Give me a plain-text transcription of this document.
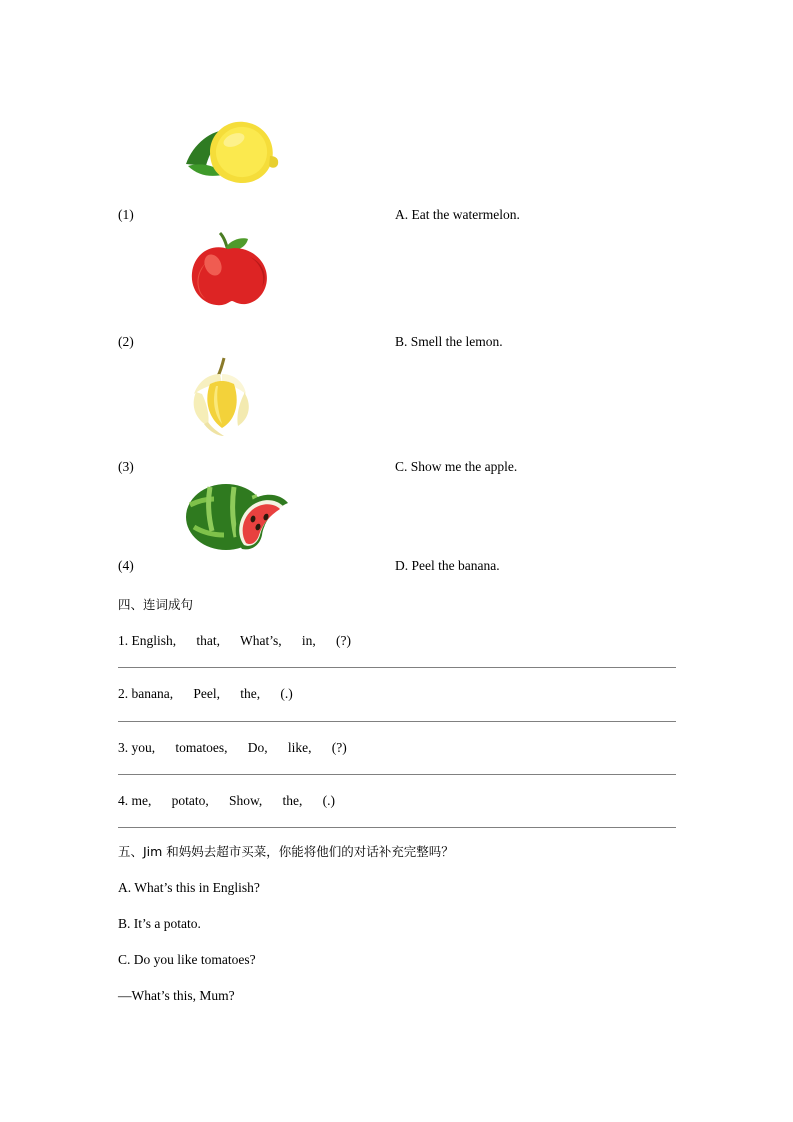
(1)	A. Eat the watermelon.
(2)	B. Smell the lemon.
(3)	C. Show me the apple.
(4)	D. Peel the banana.
四、连词成句
1. English,      that,      What’s,      in,      (?)
2. banana,      Peel,      the,      (.)
3. you,      tomatoes,      Do,      like,      (?)
4. me,      potato,      Show,      the,      (.)
五、Jim 和妈妈去超市买菜，你能将他们的对话补充完整吗？
A. What’s this in English?
B. It’s a potato.
C. Do you like tomatoes?
—What’s this, Mum?
